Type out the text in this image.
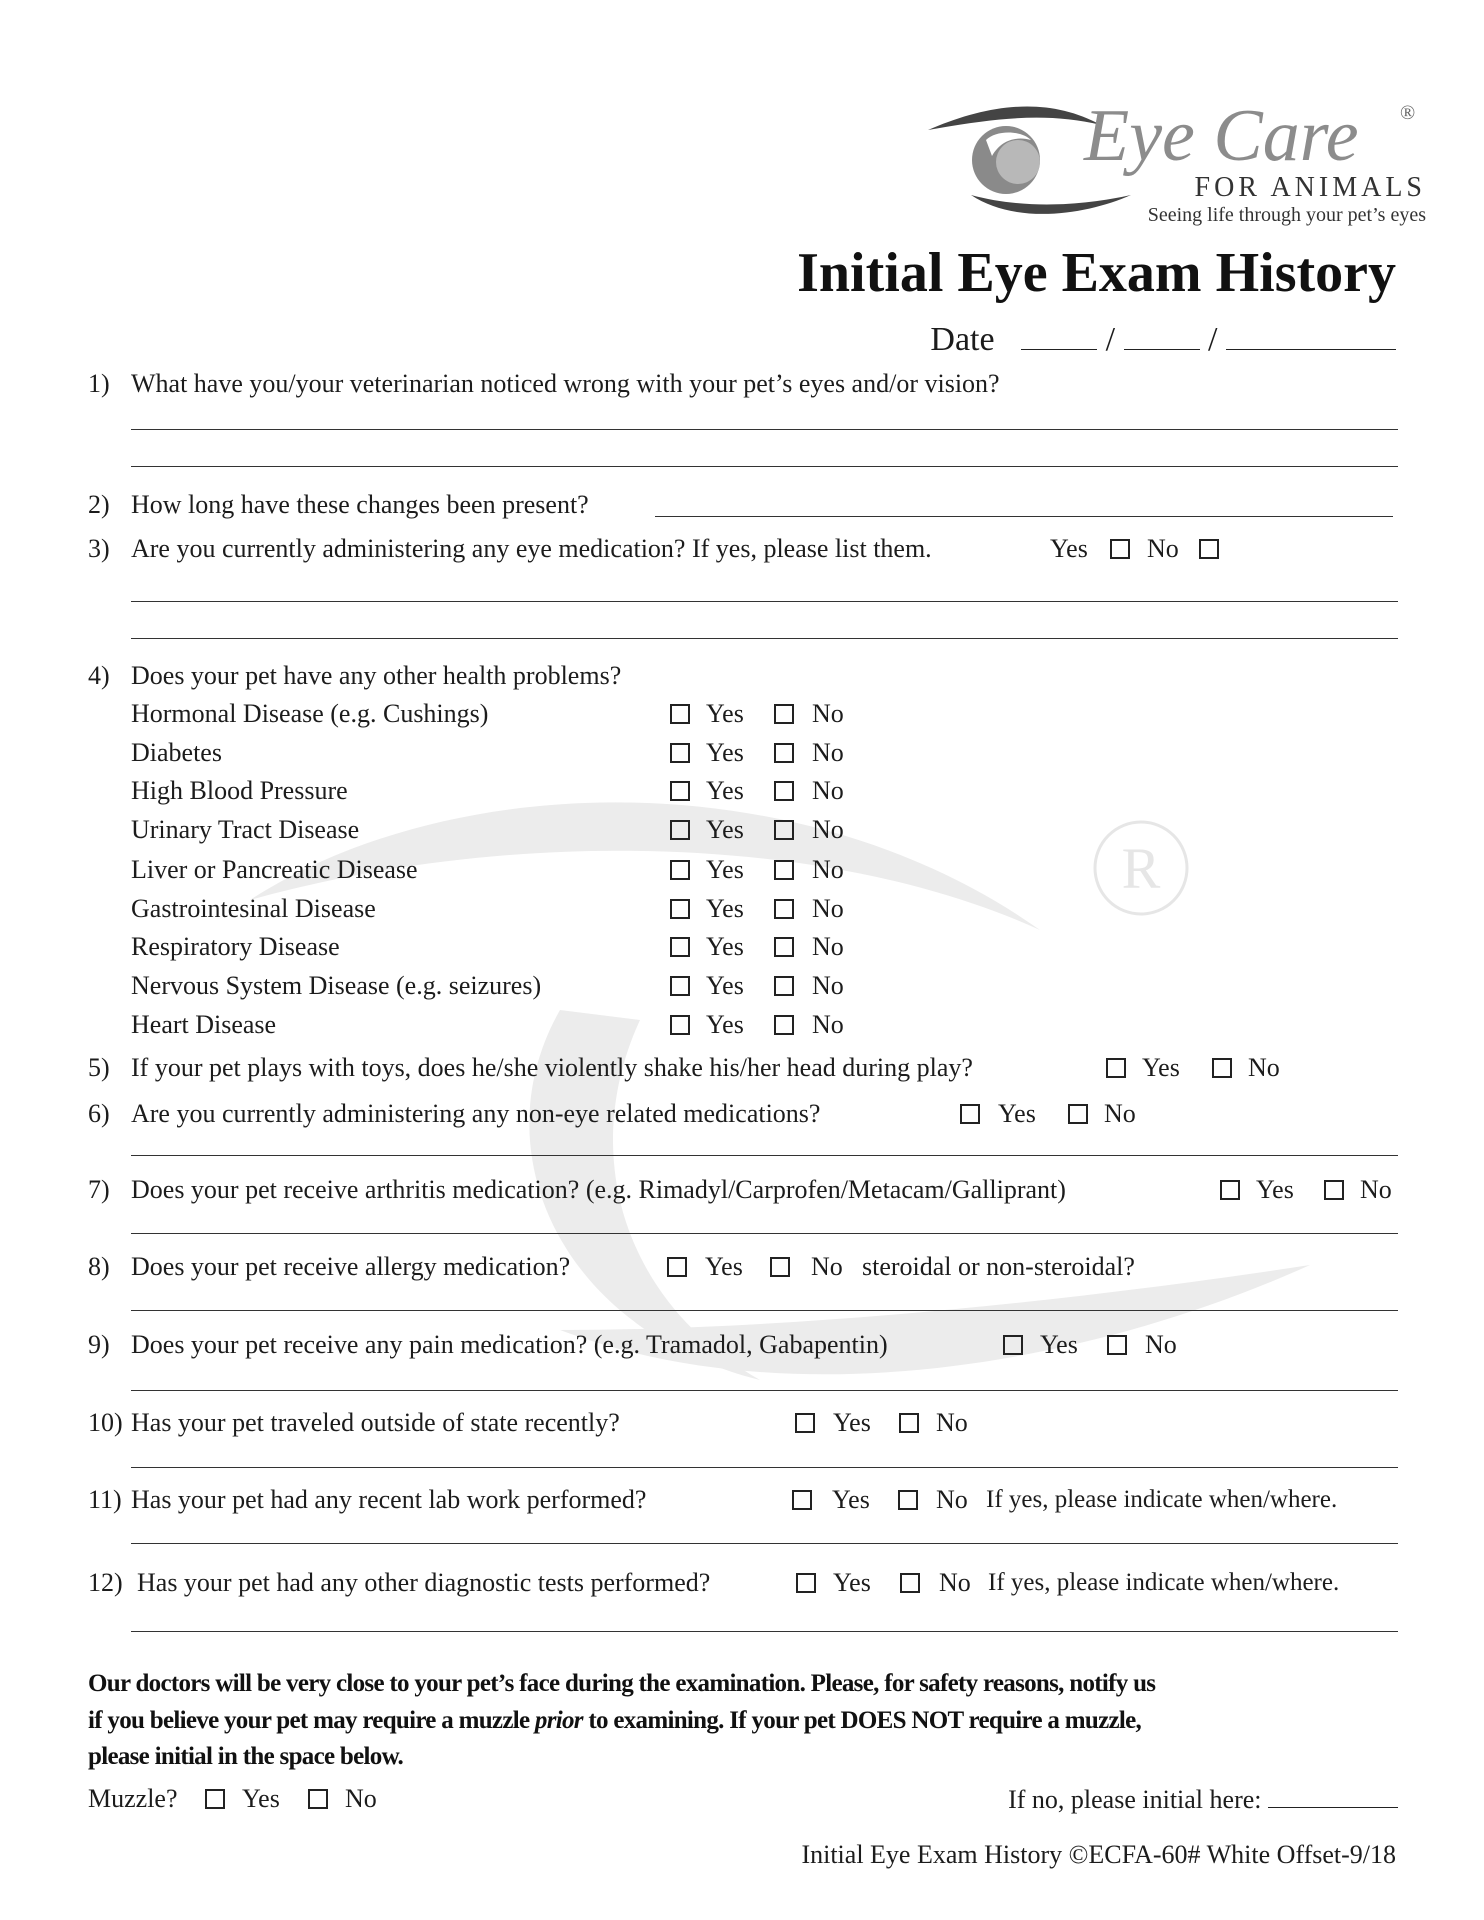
R
Eye Care ®
FOR ANIMALS
Seeing life through your pet’s eyes
Initial Eye Exam History
Date	/	/
1) What have you/your veterinarian noticed wrong with your pet’s eyes and/or vision?
2) How long have these changes been present?
3) Are you currently administering any eye medication? If yes, please list them.	Yes No
4) Does your pet have any other health problems?
Hormonal Disease (e.g. Cushings)	Yes	No
Diabetes	Yes	No
High Blood Pressure	Yes	No
Urinary Tract Disease	Yes	No
Liver or Pancreatic Disease	Yes	No
Gastrointesinal Disease	Yes	No
Respiratory Disease	Yes	No
Nervous System Disease (e.g. seizures)	Yes	No
Heart Disease	Yes	No
5) If your pet plays with toys, does he/she violently shake his/her head during play?	Yes	No
6) Are you currently administering any non-eye related medications?	Yes	No
7) Does your pet receive arthritis medication? (e.g. Rimadyl/Carprofen/Metacam/Galliprant)	Yes	No
8) Does your pet receive allergy medication?	Yes	No steroidal or non-steroidal?
9) Does your pet receive any pain medication? (e.g. Tramadol, Gabapentin)	Yes	No
10) Has your pet traveled outside of state recently?	Yes	No
11) Has your pet had any recent lab work performed?	Yes	No If yes, please indicate when/where.
12) Has your pet had any other diagnostic tests performed?	Yes	No If yes, please indicate when/where.
Our doctors will be very close to your pet’s face during the examination. Please, for safety reasons, notify us
if you believe your pet may require a muzzle prior to examining. If your pet DOES NOT require a muzzle,
please initial in the space below.
Muzzle? Yes	No	If no, please initial here:
Initial Eye Exam History ©ECFA-60# White Offset-9/18
